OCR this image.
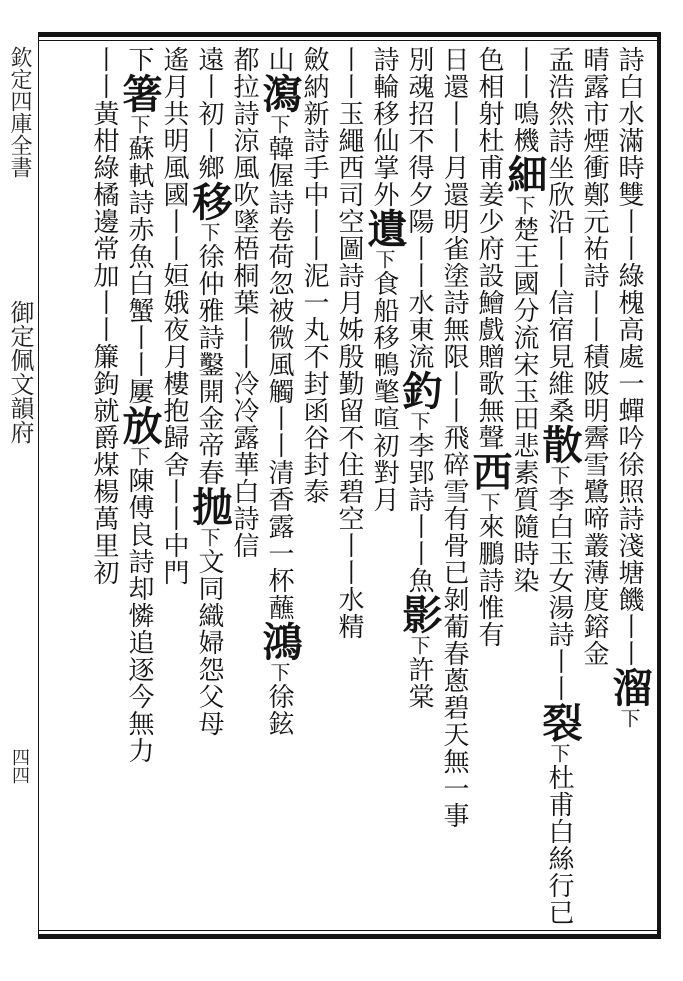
欽定四庫全書
御定佩文韻府
四四
詩白水滿時雙丨丨綠槐高處一蟬吟徐照詩淺塘饑丨丨溜下
晴露市煙衝鄭元祐詩丨丨積陂明霽雪鷺啼叢薄度鎔金
孟浩然詩坐欣沿丨丨信宿見維桑散下李白玉女湯詩丨丨裂下杜甫白絲行已
丨丨鳴機細下楚王國分流宋玉田悲素質隨時染
色相射杜甫姜少府設鱠戲贈歌無聲西下來鵬詩惟有
日還丨丨月還明雀塗詩無限丨丨飛碎雪有骨已剝葡春蔥碧天無一事
別魂招不得夕陽丨丨水東流釣下李郢詩丨丨魚影下許棠
詩輪移仙掌外遺下食船移鴨氅喧初對月
丨丨玉繩西司空圖詩月姊殷勤留不住碧空丨丨水精
斂納新詩手中丨丨泥一丸不封函谷封泰
山瀉下韓偓詩卷荷忽被微風觸丨丨清香露一杯蘸鴻下徐鉉
都拉詩涼風吹墜梧桐葉丨丨冷冷露華白詩信
遠丨初丨鄉移下徐仲雅詩鑿開金帝春抛下文同織婦怨父母
遙月共明風國丨丨姮娥夜月樓抱歸舍丨丨中門
下箸下蘇軾詩赤魚白蟹丨丨屢放下陳傅良詩却憐追逐今無力
丨丨黃柑綠橘邊常加丨丨簾鉤就爵煤楊萬里初
